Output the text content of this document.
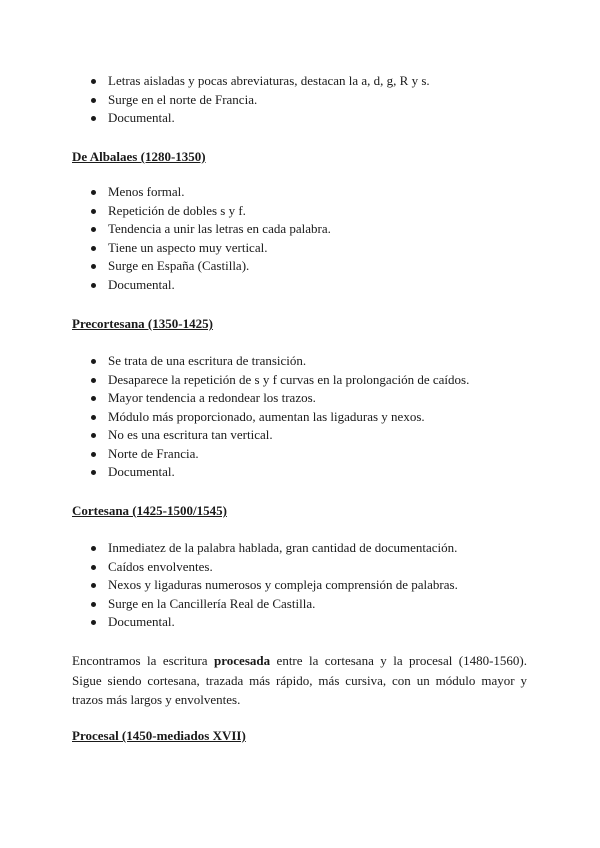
Letras aisladas y pocas abreviaturas, destacan la a, d, g, R y s.
Surge en el norte de Francia.
Documental.
De Albalaes (1280-1350)
Menos formal.
Repetición de dobles s y f.
Tendencia a unir las letras en cada palabra.
Tiene un aspecto muy vertical.
Surge en España (Castilla).
Documental.
Precortesana (1350-1425)
Se trata de una escritura de transición.
Desaparece la repetición de s y f curvas en la prolongación de caídos.
Mayor tendencia a redondear los trazos.
Módulo más proporcionado, aumentan las ligaduras y nexos.
No es una escritura tan vertical.
Norte de Francia.
Documental.
Cortesana (1425-1500/1545)
Inmediatez de la palabra hablada, gran cantidad de documentación.
Caídos envolventes.
Nexos y ligaduras numerosos y compleja comprensión de palabras.
Surge en la Cancillería Real de Castilla.
Documental.

Encontramos la escritura procesada entre la cortesana y la procesal (1480-1560). Sigue siendo cortesana, trazada más rápido, más cursiva, con un módulo mayor y trazos más largos y envolventes.

Procesal (1450-mediados XVII)
